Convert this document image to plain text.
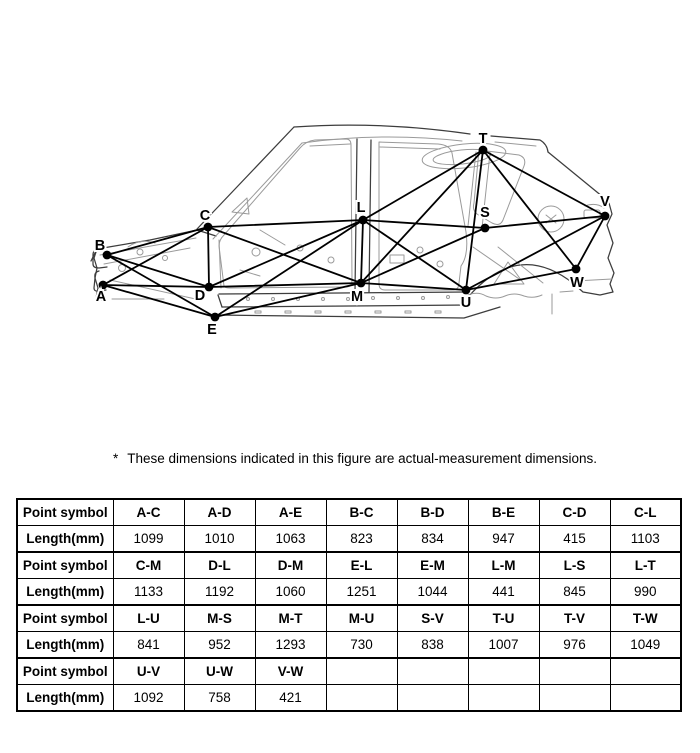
A
B
C
D
E
L
M
S
T
U
V
W

* These dimensions indicated in this figure are actual-measurement dimensions.

Point symbol	A-C	A-D	A-E	B-C	B-D	B-E	C-D	C-L
Length(mm)	1099	1010	1063	823	834	947	415	1103
Point symbol	C-M	D-L	D-M	E-L	E-M	L-M	L-S	L-T
Length(mm)	1133	1192	1060	1251	1044	441	845	990
Point symbol	L-U	M-S	M-T	M-U	S-V	T-U	T-V	T-W
Length(mm)	841	952	1293	730	838	1007	976	1049
Point symbol	U-V	U-W	V-W					
Length(mm)	1092	758	421					
